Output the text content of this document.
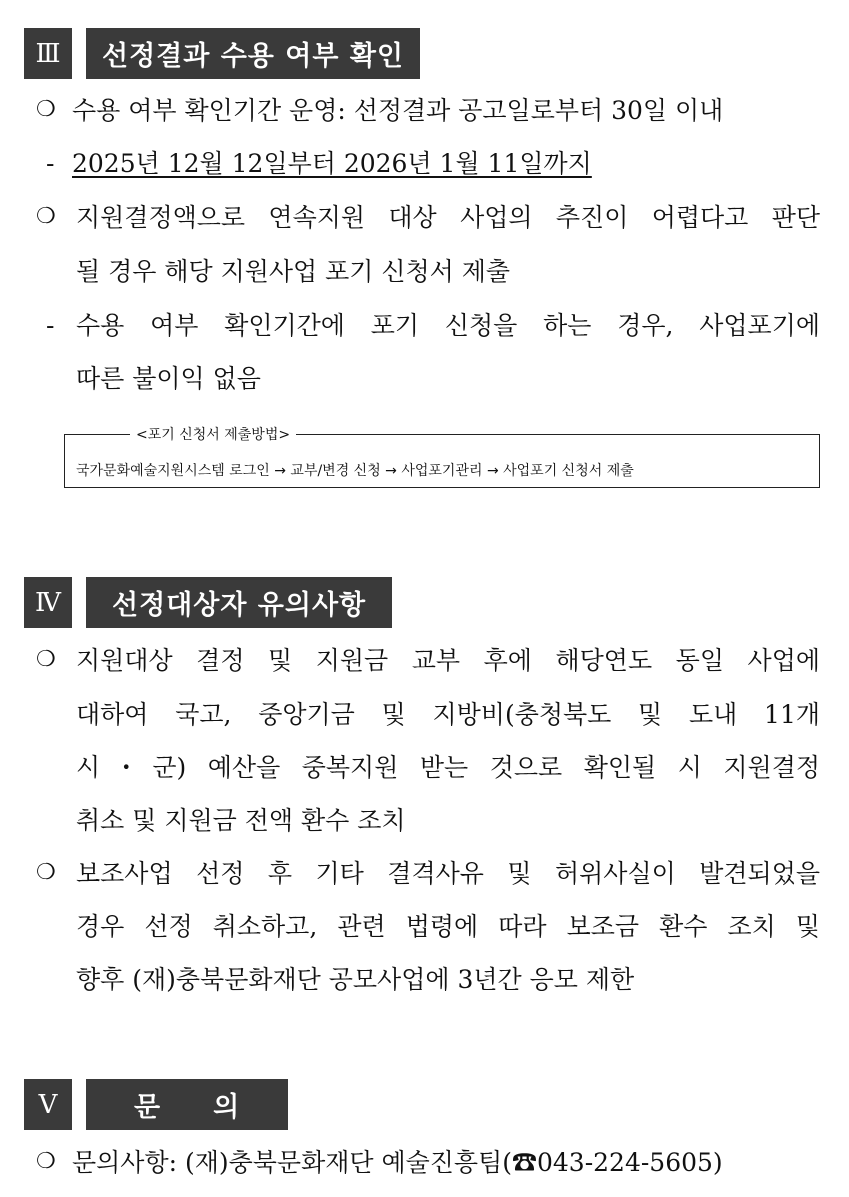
Ⅲ	선정결과 수용 여부 확인
❍ 수용 여부 확인기간 운영: 선정결과 공고일로부터 30일 이내
- 2025년 12월 12일부터 2026년 1월 11일까지
❍ 지원결정액으로 연속지원 대상 사업의 추진이 어렵다고 판단
될 경우 해당 지원사업 포기 신청서 제출
- 수용 여부 확인기간에 포기 신청을 하는 경우, 사업포기에
따른 불이익 없음
<포기 신청서 제출방법>
국가문화예술지원시스템 로그인 → 교부/변경 신청 → 사업포기관리 → 사업포기 신청서 제출
Ⅳ	선정대상자 유의사항
❍ 지원대상 결정 및 지원금 교부 후에 해당연도 동일 사업에
대하여 국고, 중앙기금 및 지방비(충청북도 및 도내 11개
시・군) 예산을 중복지원 받는 것으로 확인될 시 지원결정
취소 및 지원금 전액 환수 조치
❍ 보조사업 선정 후 기타 결격사유 및 허위사실이 발견되었을
경우 선정 취소하고, 관련 법령에 따라 보조금 환수 조치 및
향후 (재)충북문화재단 공모사업에 3년간 응모 제한
Ⅴ	문     의
❍ 문의사항: (재)충북문화재단 예술진흥팀(☎043-224-5605)
